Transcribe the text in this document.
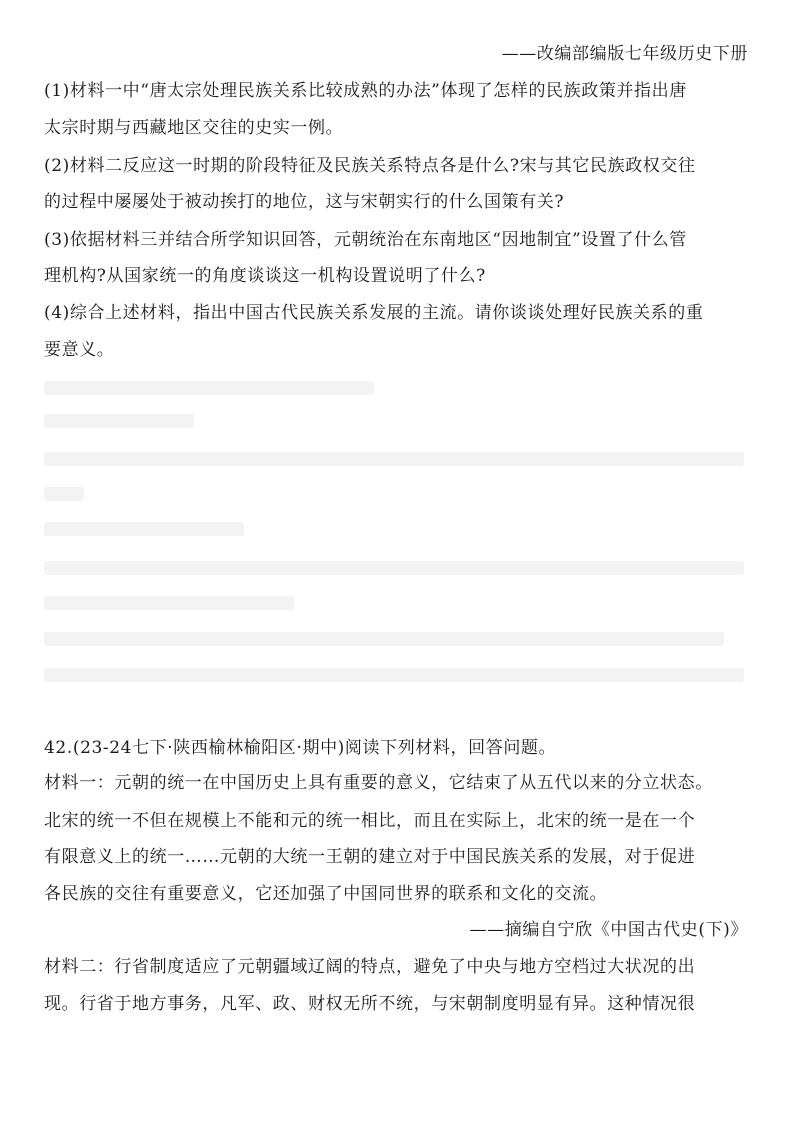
——改编部编版七年级历史下册
(1)材料一中“唐太宗处理民族关系比较成熟的办法”体现了怎样的民族政策并指出唐
太宗时期与西藏地区交往的史实一例。
(2)材料二反应这一时期的阶段特征及民族关系特点各是什么?宋与其它民族政权交往
的过程中屡屡处于被动挨打的地位，这与宋朝实行的什么国策有关?
(3)依据材料三并结合所学知识回答，元朝统治在东南地区“因地制宜”设置了什么管
理机构?从国家统一的角度谈谈这一机构设置说明了什么?
(4)综合上述材料，指出中国古代民族关系发展的主流。请你谈谈处理好民族关系的重
要意义。
42.(23-24七下·陕西榆林榆阳区·期中)阅读下列材料，回答问题。
材料一：元朝的统一在中国历史上具有重要的意义，它结束了从五代以来的分立状态。
北宋的统一不但在规模上不能和元的统一相比，而且在实际上，北宋的统一是在一个
有限意义上的统一……元朝的大统一王朝的建立对于中国民族关系的发展，对于促进
各民族的交往有重要意义，它还加强了中国同世界的联系和文化的交流。
——摘编自宁欣《中国古代史(下)》
材料二：行省制度适应了元朝疆域辽阔的特点，避免了中央与地方空档过大状况的出
现。行省于地方事务，凡军、政、财权无所不统，与宋朝制度明显有异。这种情况很
